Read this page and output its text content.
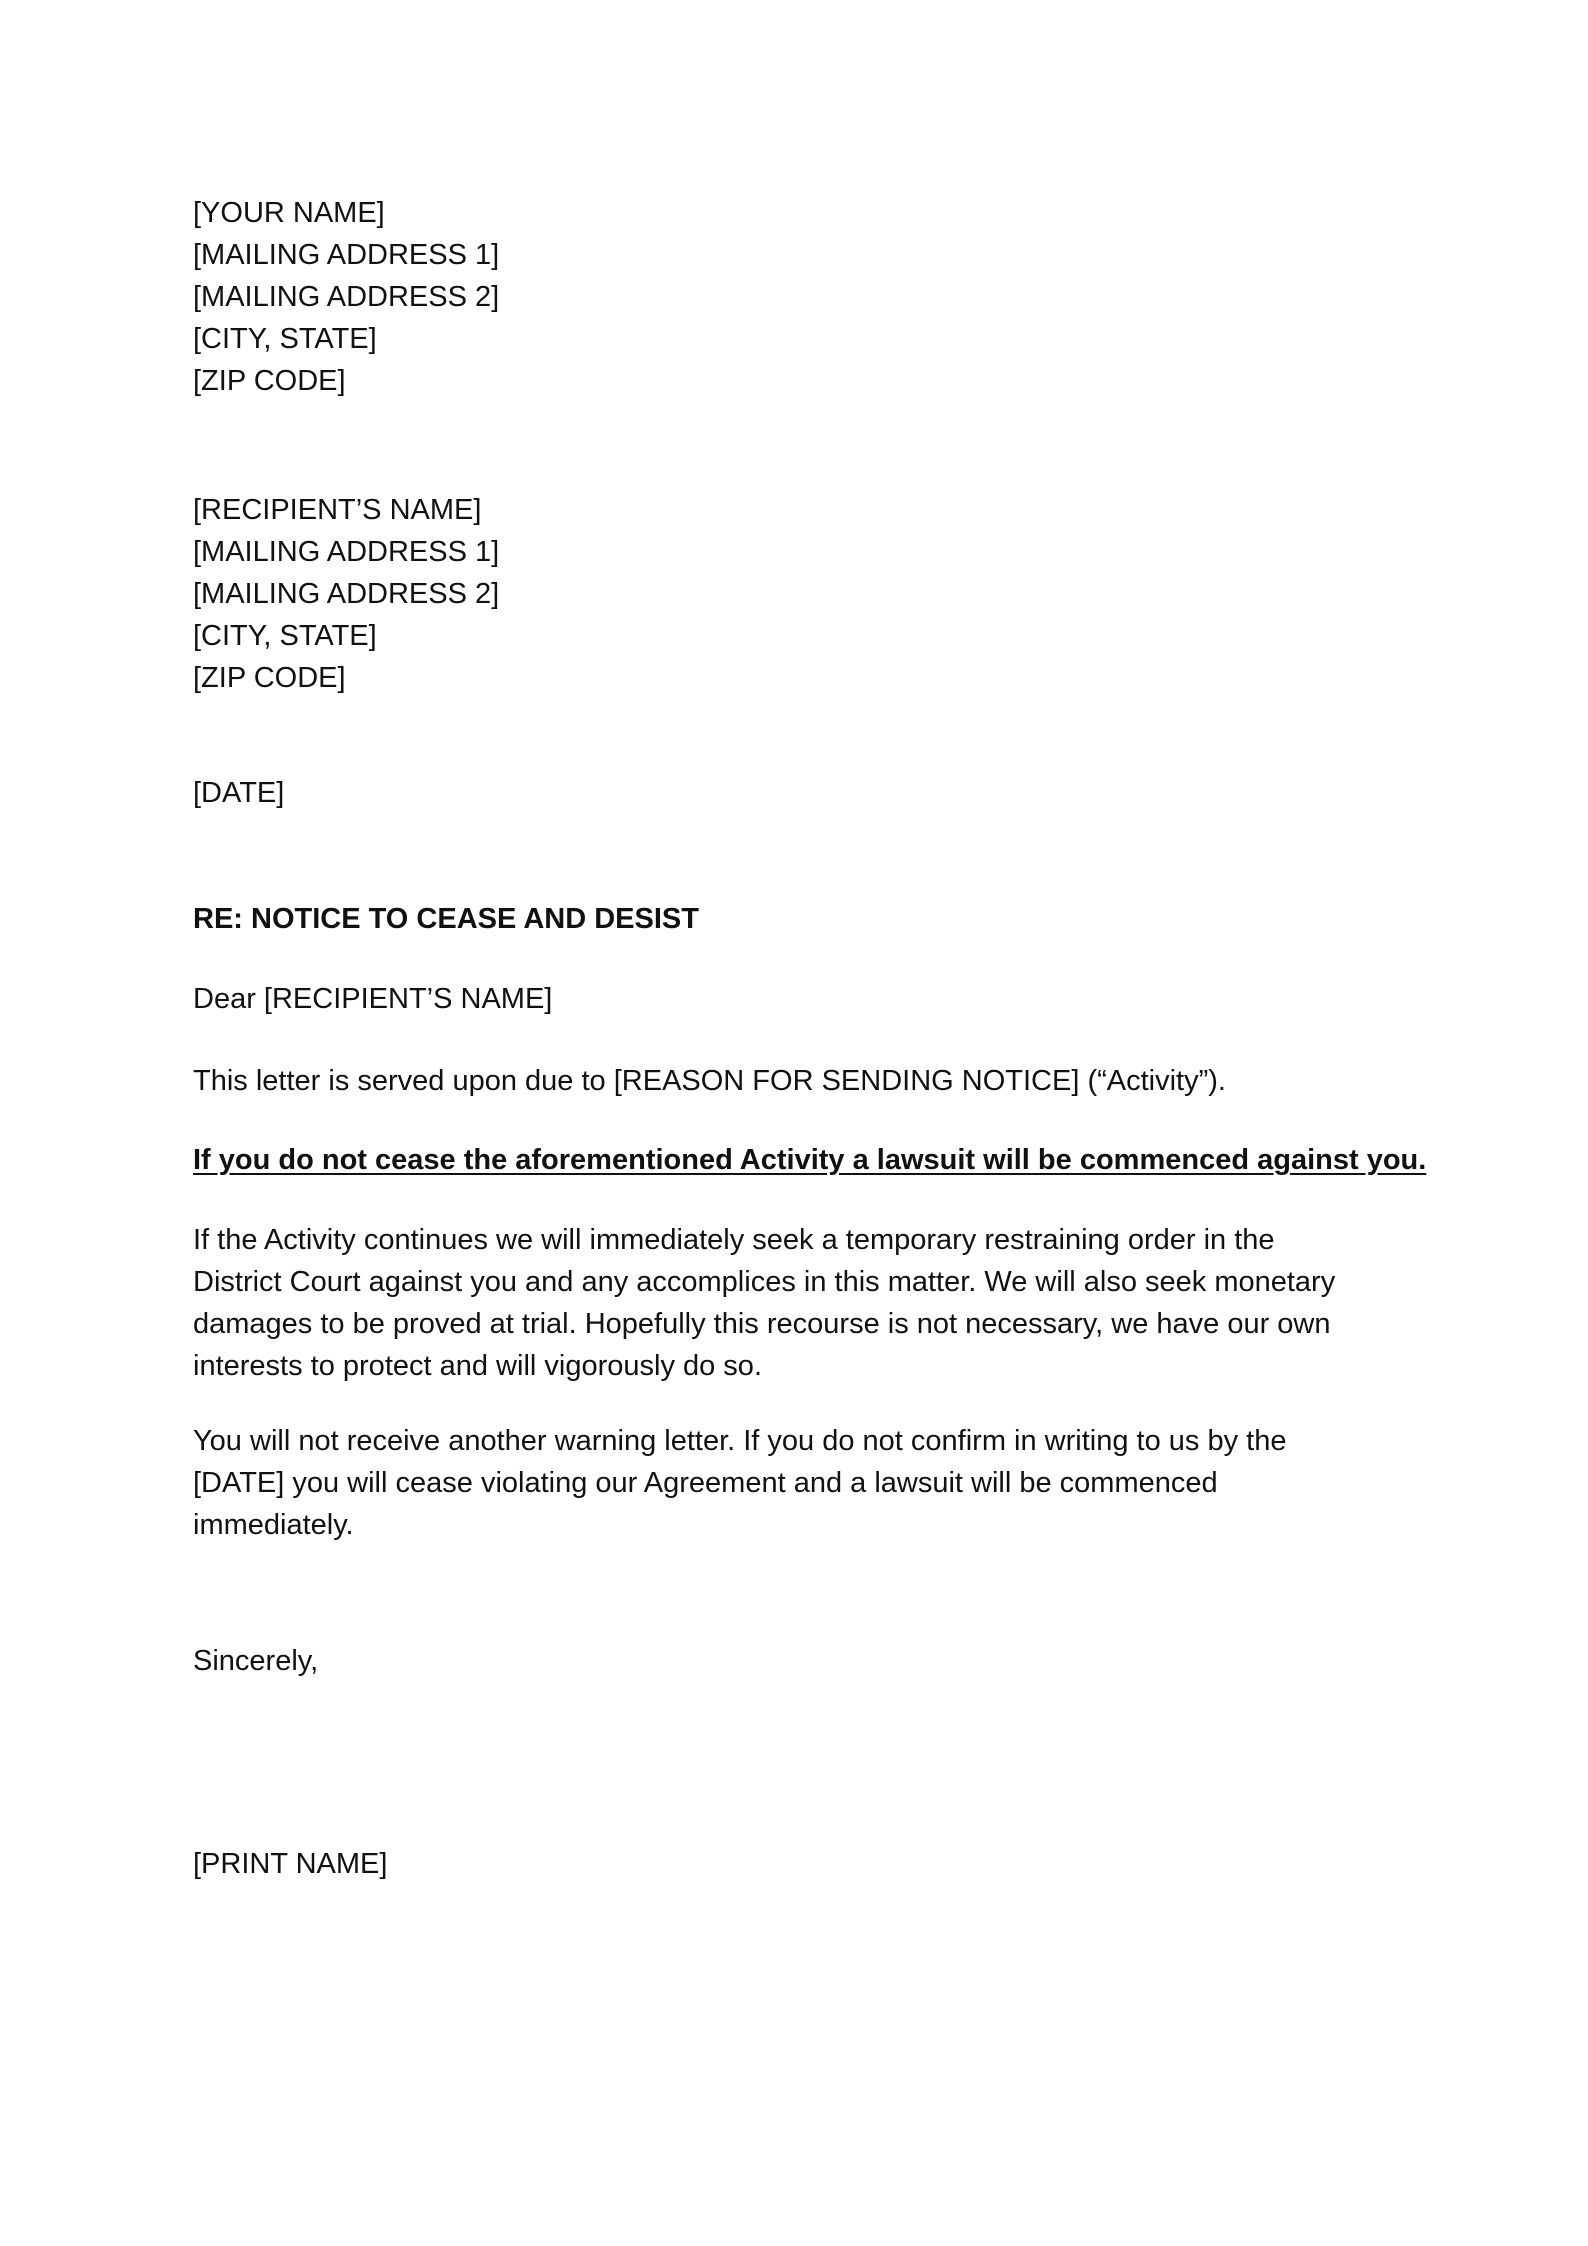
[YOUR NAME]
[MAILING ADDRESS 1]
[MAILING ADDRESS 2]
[CITY, STATE]
[ZIP CODE]
[RECIPIENT’S NAME]
[MAILING ADDRESS 1]
[MAILING ADDRESS 2]
[CITY, STATE]
[ZIP CODE]
[DATE]
RE: NOTICE TO CEASE AND DESIST
Dear [RECIPIENT’S NAME]
This letter is served upon due to [REASON FOR SENDING NOTICE] (“Activity”).
If you do not cease the aforementioned Activity a lawsuit will be commenced against you.
If the Activity continues we will immediately seek a temporary restraining order in the
District Court against you and any accomplices in this matter. We will also seek monetary
damages to be proved at trial. Hopefully this recourse is not necessary, we have our own
interests to protect and will vigorously do so.
You will not receive another warning letter. If you do not confirm in writing to us by the
[DATE] you will cease violating our Agreement and a lawsuit will be commenced
immediately.
Sincerely,
[PRINT NAME]
